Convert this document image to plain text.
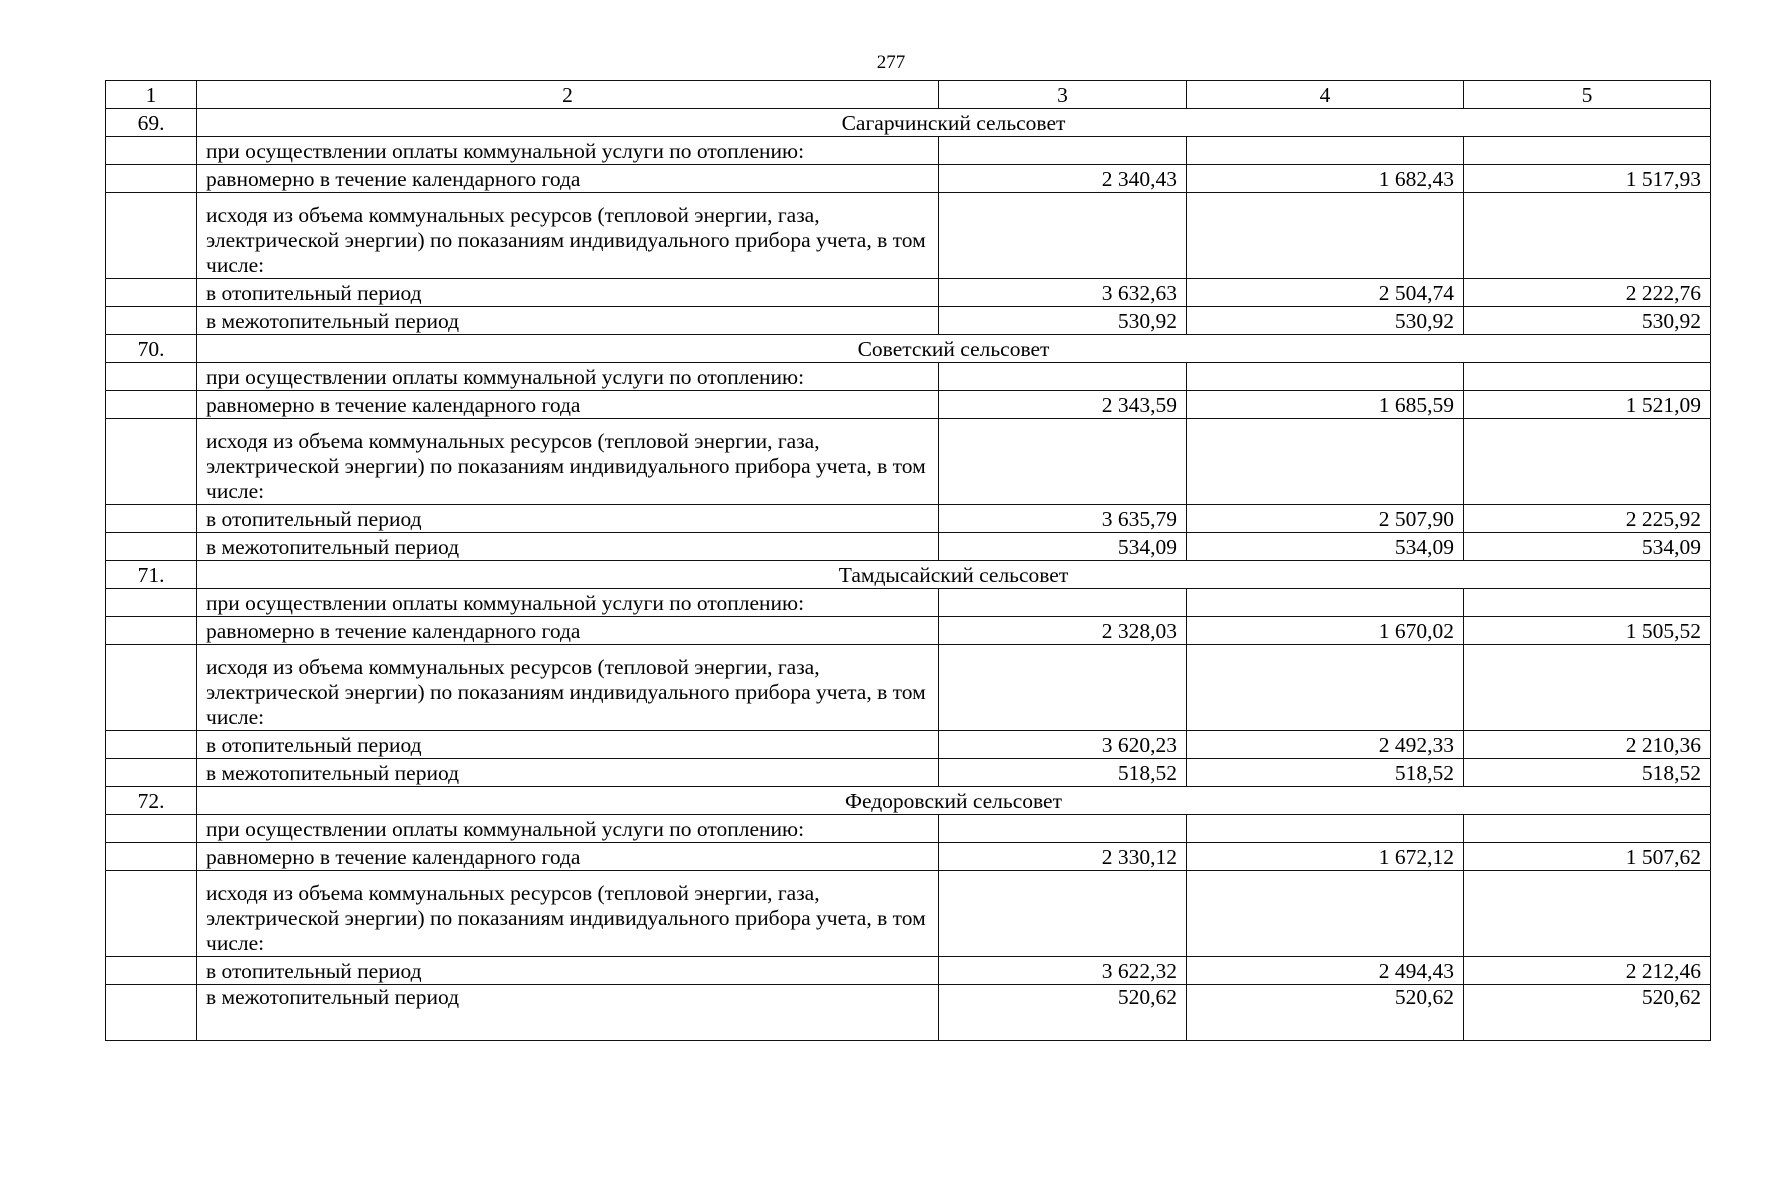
277
1	2	3	4	5
69.	Сагарчинский сельсовет			
	при осуществлении оплаты коммунальной услуги по отоплению:			
	равномерно в течение календарного года	2 340,43	1 682,43	1 517,93
	исходя из объема коммунальных ресурсов (тепловой энергии, газа, электрической энергии) по показаниям индивидуального прибора учета, в том числе:			
	в отопительный период	3 632,63	2 504,74	2 222,76
	в межотопительный период	530,92	530,92	530,92
70.	Советский сельсовет			
	при осуществлении оплаты коммунальной услуги по отоплению:			
	равномерно в течение календарного года	2 343,59	1 685,59	1 521,09
	исходя из объема коммунальных ресурсов (тепловой энергии, газа, электрической энергии) по показаниям индивидуального прибора учета, в том числе:			
	в отопительный период	3 635,79	2 507,90	2 225,92
	в межотопительный период	534,09	534,09	534,09
71.	Тамдысайский сельсовет			
	при осуществлении оплаты коммунальной услуги по отоплению:			
	равномерно в течение календарного года	2 328,03	1 670,02	1 505,52
	исходя из объема коммунальных ресурсов (тепловой энергии, газа, электрической энергии) по показаниям индивидуального прибора учета, в том числе:			
	в отопительный период	3 620,23	2 492,33	2 210,36
	в межотопительный период	518,52	518,52	518,52
72.	Федоровский сельсовет			
	при осуществлении оплаты коммунальной услуги по отоплению:			
	равномерно в течение календарного года	2 330,12	1 672,12	1 507,62
	исходя из объема коммунальных ресурсов (тепловой энергии, газа, электрической энергии) по показаниям индивидуального прибора учета, в том числе:			
	в отопительный период	3 622,32	2 494,43	2 212,46
	в межотопительный период	520,62	520,62	520,62
